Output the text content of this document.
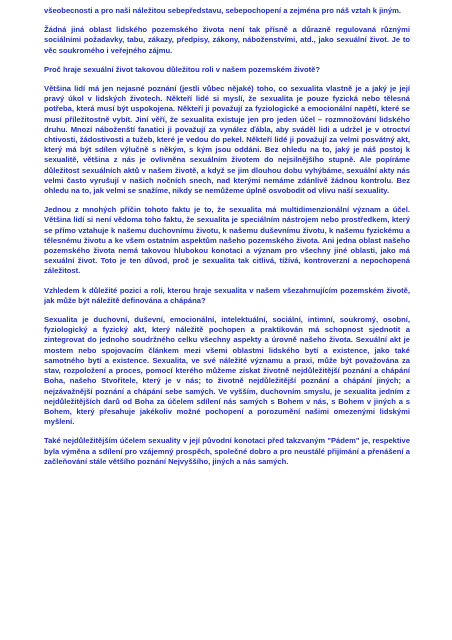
všeobecnosti a pro naši náležitou sebepředstavu, sebepochopení a zejména pro náš vztah k jiným.

Žádná jiná oblast lidského pozemského života není tak přísně a důrazně regulovaná různými sociálními požadavky, tabu, zákazy, předpisy, zákony, náboženstvími, atd., jako sexuální život. Je to věc soukromého i veřejného zájmu.

Proč hraje sexuální život takovou důležitou roli v našem pozemském životě?

Většina lidí má jen nejasné poznání (jestli vůbec nějaké) toho, co sexualita vlastně je a jaký je její pravý úkol v lidských životech. Někteří lidé si myslí, že sexualita je pouze fyzická nebo tělesná potřeba, která musí být uspokojena. Někteří ji považují za fyziologické a emocionální napětí, které se musí příležitostně vybít. Jiní věří, že sexualita existuje jen pro jeden účel – rozmnožování lidského druhu. Mnozí náboženští fanatici ji považují za vynález ďábla, aby sváděl lidi a udržel je v otroctví chtivosti, žádostivosti a tužeb, které je vedou do pekel. Někteří lidé ji považují za velmi posvátný akt, který má být sdílen výlučně s někým, s kým jsou oddáni. Bez ohledu na to, jaký je náš postoj k sexualitě, většina z nás je ovlivněna sexuálním životem do nejsilnějšího stupně. Ale popíráme důležitost sexuálních aktů v našem životě, a když se jim dlouhou dobu vyhýbáme, sexuální akty nás velmi často vyrušují v našich nočních snech, nad kterými nemáme zdánlivě žádnou kontrolu. Bez ohledu na to, jak velmi se snažíme, nikdy se nemůžeme úplně osvobodit od vlivu naší sexuality.

Jednou z mnohých příčin tohoto faktu je to, že sexualita má multidimenzionální význam a účel. Většina lidí si není vědoma toho faktu, že sexualita je speciálním nástrojem nebo prostředkem, který se přímo vztahuje k našemu duchovnímu životu, k našemu duševnímu životu, k našemu fyzickému a tělesnému životu a ke všem ostatním aspektům našeho pozemského života. Ani jedna oblast našeho pozemského života nemá takovou hlubokou konotaci a význam pro všechny jiné oblasti, jako má sexuální život. Toto je ten důvod, proč je sexualita tak citlivá, tížívá, kontroverzní a nepochopená záležitost.

Vzhledem k důležité pozici a roli, kterou hraje sexualita v našem všezahrnujícím pozemském životě, jak může být náležitě definována a chápána?

Sexualita je duchovní, duševní, emocionální, intelektuální, sociální, intimní, soukromý, osobní, fyziologický a fyzický akt, který náležitě pochopen a praktikován má schopnost sjednotit a zintegrovat do jednoho soudržného celku všechny aspekty a úrovně našeho života. Sexuální akt je mostem nebo spojovacím článkem mezi všemi oblastmi lidského bytí a existence, jako také samotného bytí a existence. Sexualita, ve své náležité významu a praxi, může být považována za stav, rozpoložení a proces, pomocí kterého můžeme získat životně nejdůležitější poznání a chápání Boha, našeho Stvořitele, který je v nás; to životně nejdůležitější poznání a chápání jiných; a nejzávažnější poznání a chápání sebe samých. Ve vyšším, duchovním smyslu, je sexualita jedním z nejdůležitějších darů od Boha za účelem sdílení nás samých s Bohem v nás, s Bohem v jiných a s Bohem, který přesahuje jakékoliv možné pochopení a porozumění našimi omezenými lidskými myšlení.

Také nejdůležitějším účelem sexuality v její původní konotaci před takzvaným "Pádem" je, respektive byla výměna a sdílení pro vzájemný prospěch, společné dobro a pro neustálé přijímání a přenášení a začleňování stále většího poznání Nejvyššího, jiných a nás samých.
